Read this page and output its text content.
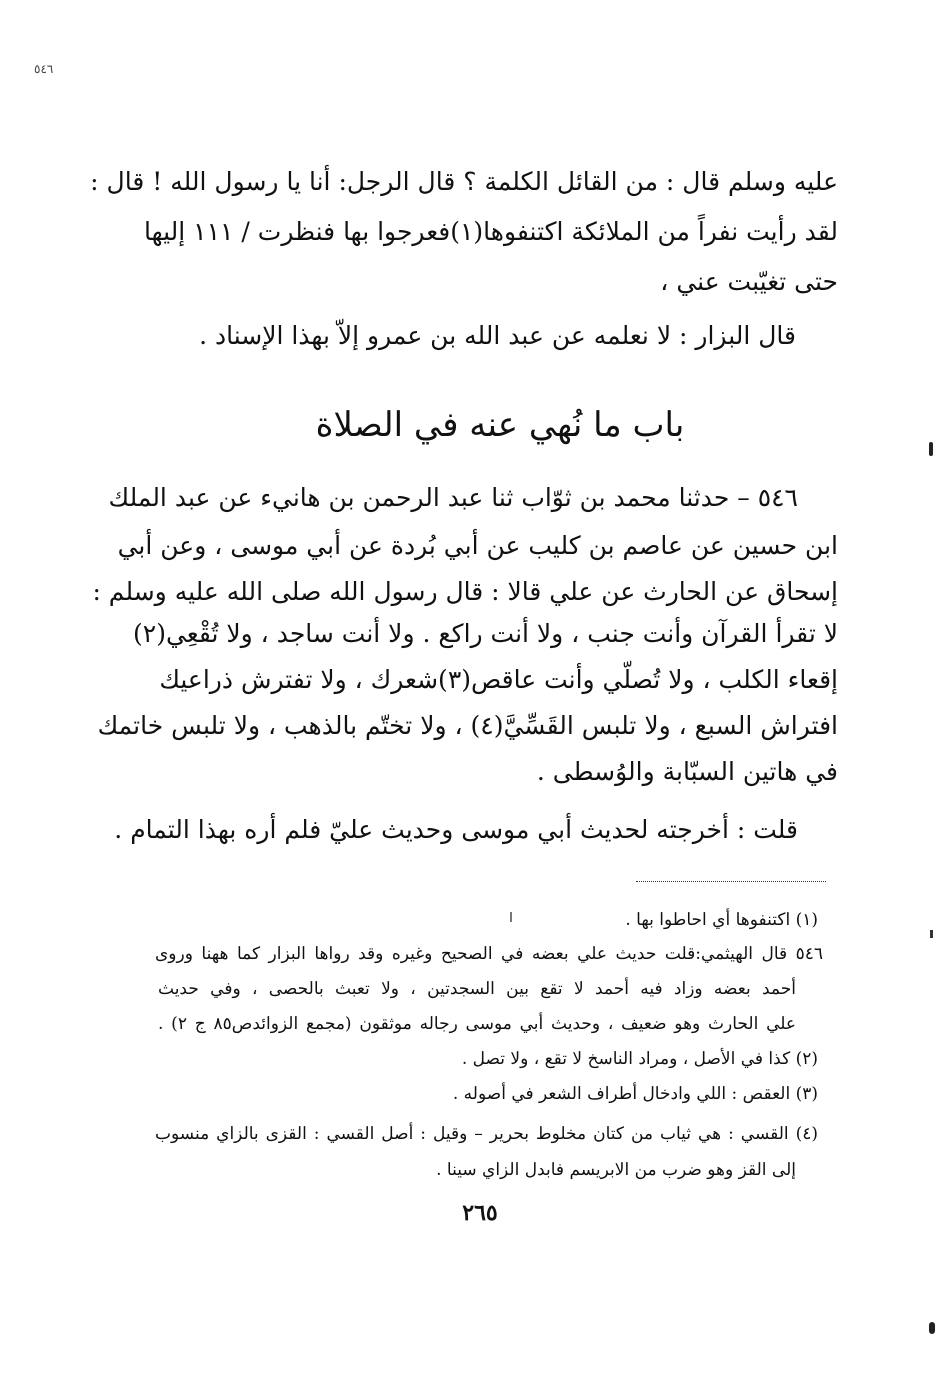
٥٤٦
عليه وسلم قال : من القائل الكلمة ؟ قال الرجل: أنا يا رسول الله ! قال :
لقد رأيت نفراً من الملائكة اكتنفوها(١)فعرجوا بها فنظرت / ١١١ إليها
حتى تغيّبت عني ،
قال البزار : لا نعلمه عن عبد الله بن عمرو إلاّ بهذا الإسناد .
باب ما نُهي عنه في الصلاة
٥٤٦ – حدثنا محمد بن ثوّاب ثنا عبد الرحمن بن هانيء عن عبد الملك
ابن حسين عن عاصم بن كليب عن أبي بُردة عن أبي موسى ، وعن أبي
إسحاق عن الحارث عن علي قالا : قال رسول الله صلى الله عليه وسلم :
لا تقرأ القرآن وأنت جنب ، ولا أنت راكع . ولا أنت ساجد ، ولا تُقْعِي(٢)
إقعاء الكلب ، ولا تُصلّي وأنت عاقص(٣)شعرك ، ولا تفترش ذراعيك
افتراش السبع ، ولا تلبس القَسِّيَّ(٤) ، ولا تختّم بالذهب ، ولا تلبس خاتمك
في هاتين السبّابة والوُسطى .
قلت : أخرجته لحديث أبي موسى وحديث عليّ فلم أره بهذا التمام .
(١) اكتنفوها أي احاطوا بها .
٥٤٦ قال الهيثمي:قلت حديث علي بعضه في الصحيح وغيره وقد رواها البزار كما ههنا وروى
أحمد بعضه وزاد فيه أحمد لا تقع بين السجدتين ، ولا تعبث بالحصى ، وفي حديث
علي الحارث وهو ضعيف ، وحديث أبي موسى رجاله موثقون (مجمع الزوائدص٨٥ ج ٢) .
(٢) كذا في الأصل ، ومراد الناسخ لا تقع ، ولا تصل .
(٣) العقص : اللي وادخال أطراف الشعر في أصوله .
(٤) القسي : هي ثياب من كتان مخلوط بحرير – وقيل : أصل القسي : القزى بالزاي منسوب
إلى القز وهو ضرب من الابريسم فابدل الزاي سينا .
٢٦٥
